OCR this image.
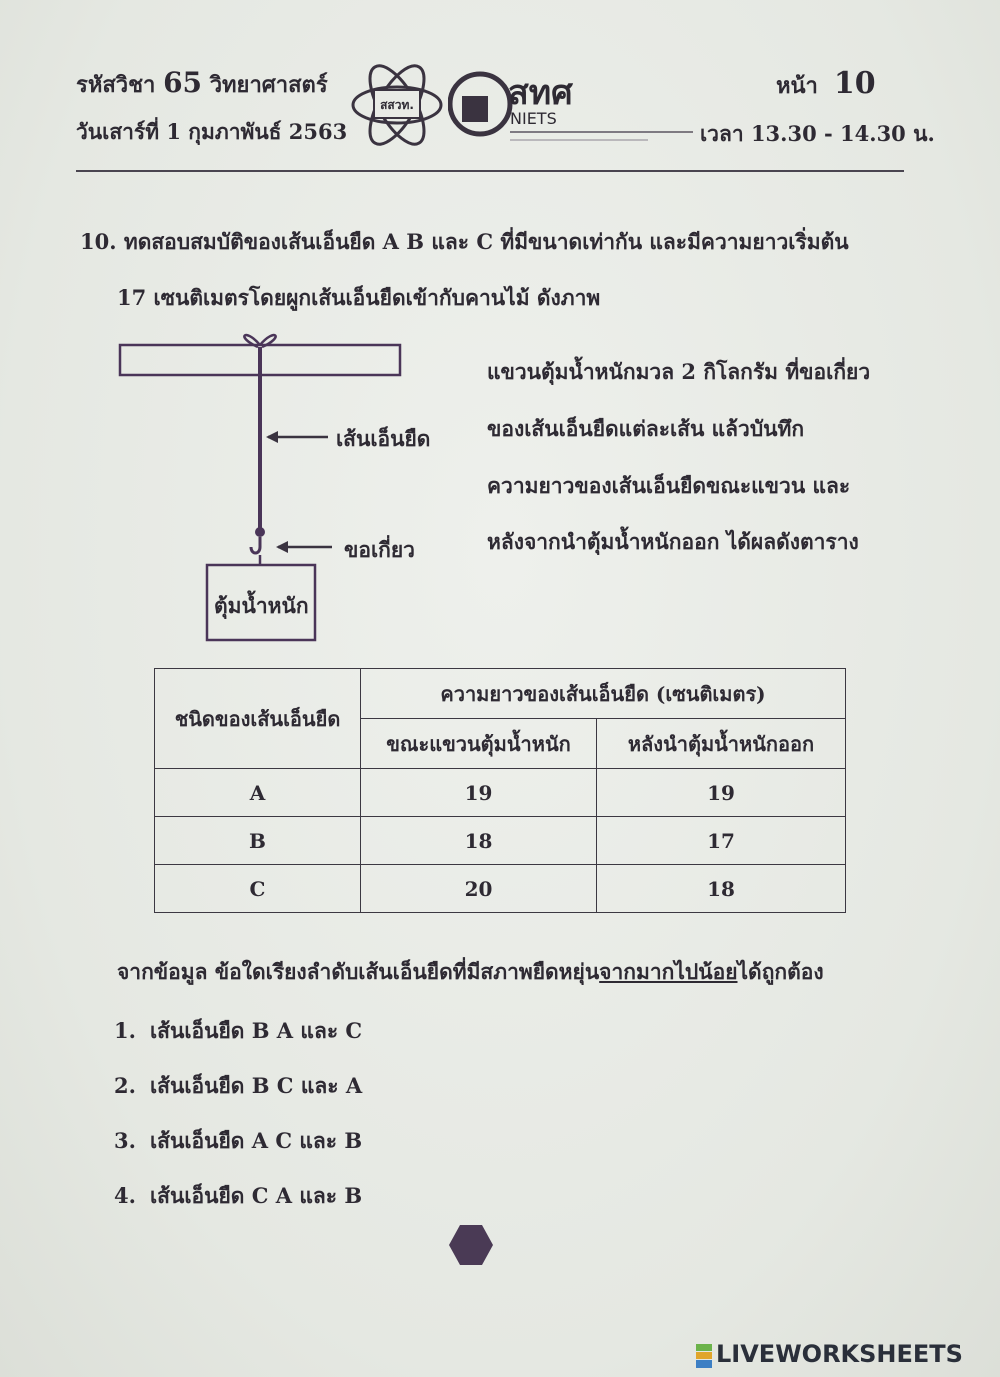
รหัสวิชา 65 วิทยาศาสตร์
วันเสาร์ที่ 1 กุมภาพันธ์ 2563
สสวท.	สทศ
NIETS
หน้า 10
เวลา 13.30 - 14.30 น.
10. ทดสอบสมบัติของเส้นเอ็นยืด A B และ C ที่มีขนาดเท่ากัน และมีความยาวเริ่มต้น
17 เซนติเมตรโดยผูกเส้นเอ็นยืดเข้ากับคานไม้ ดังภาพ
เส้นเอ็นยืด
ขอเกี่ยว
ตุ้มน้ำหนัก
แขวนตุ้มน้ำหนักมวล 2 กิโลกรัม ที่ขอเกี่ยว
ของเส้นเอ็นยืดแต่ละเส้น แล้วบันทึก
ความยาวของเส้นเอ็นยืดขณะแขวน และ
หลังจากนำตุ้มน้ำหนักออก ได้ผลดังตาราง
ชนิดของเส้นเอ็นยืด	ความยาวของเส้นเอ็นยืด (เซนติเมตร)	
	ขณะแขวนตุ้มน้ำหนัก	หลังนำตุ้มน้ำหนักออก
A	19	19
B	18	17
C	20	18
จากข้อมูล ข้อใดเรียงลำดับเส้นเอ็นยืดที่มีสภาพยืดหยุ่นจากมากไปน้อยได้ถูกต้อง
1. เส้นเอ็นยืด B A และ C
2. เส้นเอ็นยืด B C และ A
3. เส้นเอ็นยืด A C และ B
4. เส้นเอ็นยืด C A และ B
LIVEWORKSHEETS
